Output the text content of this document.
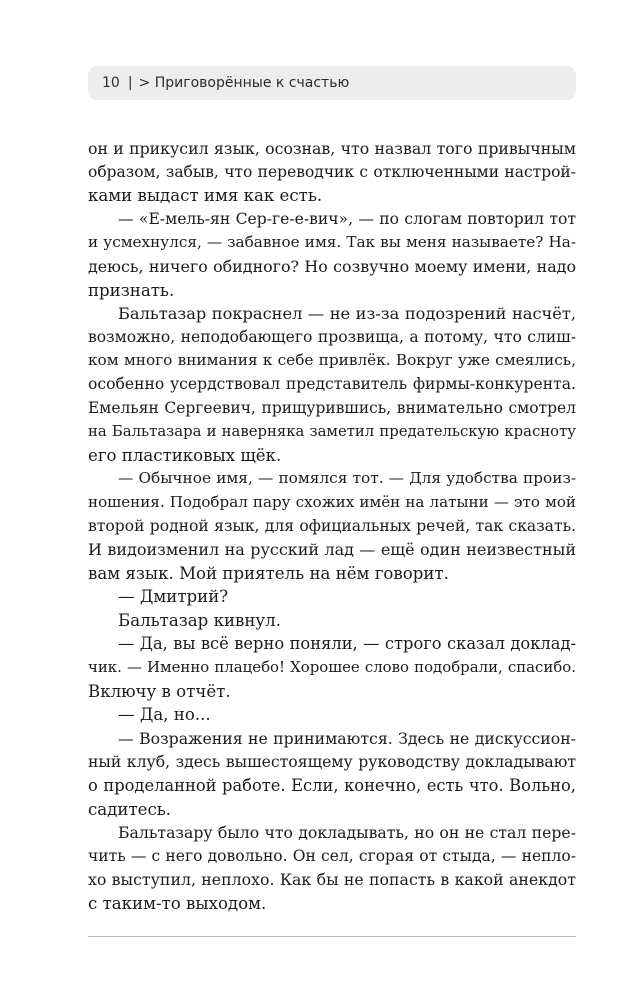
10 | > Приговорённые к счастью
он и прикусил язык, осознав, что назвал того привычным
образом, забыв, что переводчик с отключенными настрой-
ками выдаст имя как есть.
— «Е-мель-ян Сер-ге-е-вич», — по слогам повторил тот
и усмехнулся, — забавное имя. Так вы меня называете? На-
деюсь, ничего обидного? Но созвучно моему имени, надо
признать.
Бальтазар покраснел — не из-за подозрений насчёт,
возможно, неподобающего прозвища, а потому, что слиш-
ком много внимания к себе привлёк. Вокруг уже смеялись,
особенно усердствовал представитель фирмы-конкурента.
Емельян Сергеевич, прищурившись, внимательно смотрел
на Бальтазара и наверняка заметил предательскую красноту
его пластиковых щёк.
— Обычное имя, — помялся тот. — Для удобства произ-
ношения. Подобрал пару схожих имён на латыни — это мой
второй родной язык, для официальных речей, так сказать.
И видоизменил на русский лад — ещё один неизвестный
вам язык. Мой приятель на нём говорит.
— Дмитрий?
Бальтазар кивнул.
— Да, вы всё верно поняли, — строго сказал доклад-
чик. — Именно плацебо! Хорошее слово подобрали, спасибо.
Включу в отчёт.
— Да, но...
— Возражения не принимаются. Здесь не дискуссион-
ный клуб, здесь вышестоящему руководству докладывают
о проделанной работе. Если, конечно, есть что. Вольно,
садитесь.
Бальтазару было что докладывать, но он не стал пере-
чить — с него довольно. Он сел, сгорая от стыда, — непло-
хо выступил, неплохо. Как бы не попасть в какой анекдот
с таким-то выходом.
